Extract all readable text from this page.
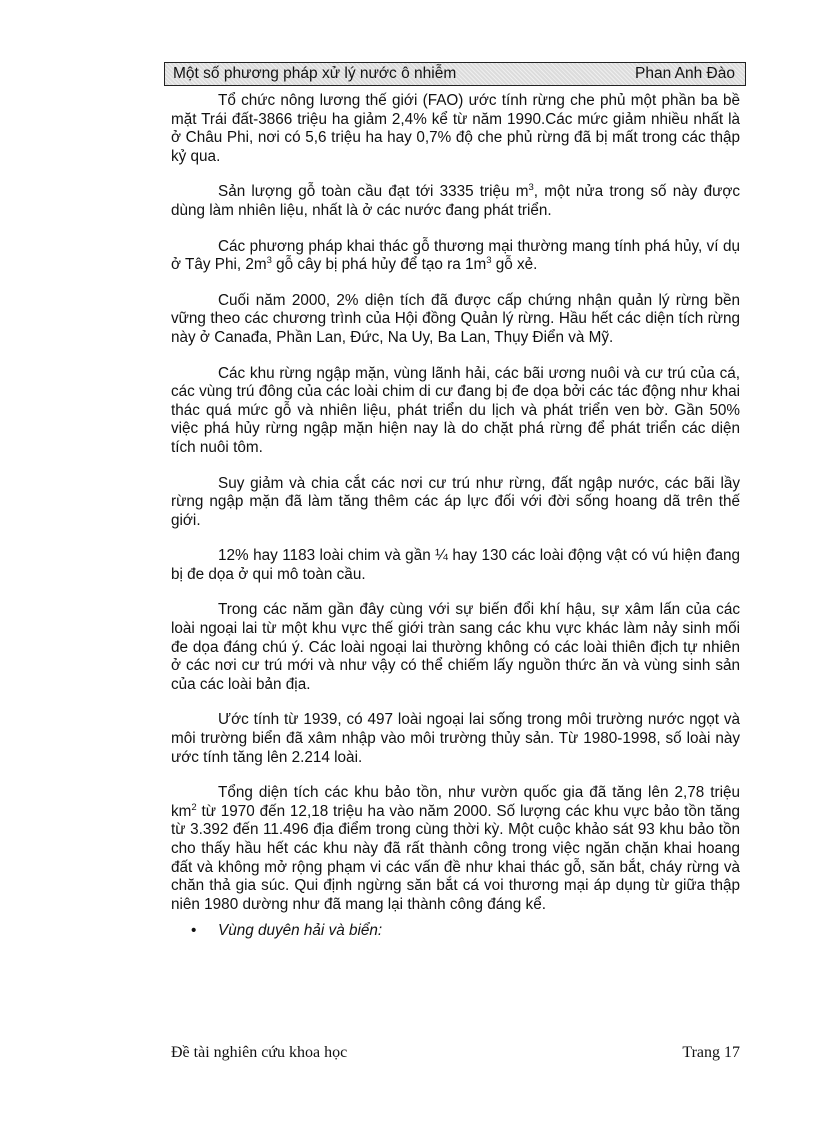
Một số phương pháp xử lý nước ô nhiễm	Phan Anh Đào

Tổ chức nông lương thế giới (FAO) ước tính rừng che phủ một phần ba bề mặt Trái đất-3866 triệu ha giảm 2,4% kể từ năm 1990.Các mức giảm nhiều nhất là ở Châu Phi, nơi có 5,6 triệu ha hay 0,7% độ che phủ rừng đã bị mất trong các thập kỷ qua.

Sản lượng gỗ toàn cầu đạt tới 3335 triệu $m^3$, một nửa trong số này được dùng làm nhiên liệu, nhất là ở các nước đang phát triển.

Các phương pháp khai thác gỗ thương mại thường mang tính phá hủy, ví dụ ở Tây Phi, $2m^3$ gỗ cây bị phá hủy để tạo ra $1m^3$ gỗ xẻ.

Cuối năm 2000, 2% diện tích đã được cấp chứng nhận quản lý rừng bền vững theo các chương trình của Hội đồng Quản lý rừng. Hầu hết các diện tích rừng này ở Canađa, Phần Lan, Đức, Na Uy, Ba Lan, Thụy Điển và Mỹ.

Các khu rừng ngập mặn, vùng lãnh hải, các bãi ương nuôi và cư trú của cá, các vùng trú đông của các loài chim di cư đang bị đe dọa bởi các tác động như khai thác quá mức gỗ và nhiên liệu, phát triển du lịch và phát triển ven bờ. Gần 50% việc phá hủy rừng ngập mặn hiện nay là do chặt phá rừng để phát triển các diện tích nuôi tôm.

Suy giảm và chia cắt các nơi cư trú như rừng, đất ngập nước, các bãi lầy rừng ngập mặn đã làm tăng thêm các áp lực đối với đời sống hoang dã trên thế giới.

12% hay 1183 loài chim và gần ¼ hay 130 các loài động vật có vú hiện đang bị đe dọa ở qui mô toàn cầu.

Trong các năm gần đây cùng với sự biến đổi khí hậu, sự xâm lấn của các loài ngoại lai từ một khu vực thế giới tràn sang các khu vực khác làm nảy sinh mối đe dọa đáng chú ý. Các loài ngoại lai thường không có các loài thiên địch tự nhiên ở các nơi cư trú mới và như vậy có thể chiếm lấy nguồn thức ăn và vùng sinh sản của các loài bản địa.

Ước tính từ 1939, có 497 loài ngoại lai sống trong môi trường nước ngọt và môi trường biển đã xâm nhập vào môi trường thủy sản. Từ 1980-1998, số loài này ước tính tăng lên 2.214 loài.

Tổng diện tích các khu bảo tồn, như vườn quốc gia đã tăng lên 2,78 triệu $km^2$ từ 1970 đến 12,18 triệu ha vào năm 2000. Số lượng các khu vực bảo tồn tăng từ 3.392 đến 11.496 địa điểm trong cùng thời kỳ. Một cuộc khảo sát 93 khu bảo tồn cho thấy hầu hết các khu này đã rất thành công trong việc ngăn chặn khai hoang đất và không mở rộng phạm vi các vấn đề như khai thác gỗ, săn bắt, cháy rừng và chăn thả gia súc. Qui định ngừng săn bắt cá voi thương mại áp dụng từ giữa thập niên 1980 dường như đã mang lại thành công đáng kể.

• Vùng duyên hải và biển:

Đề tài nghiên cứu khoa học	Trang 17
